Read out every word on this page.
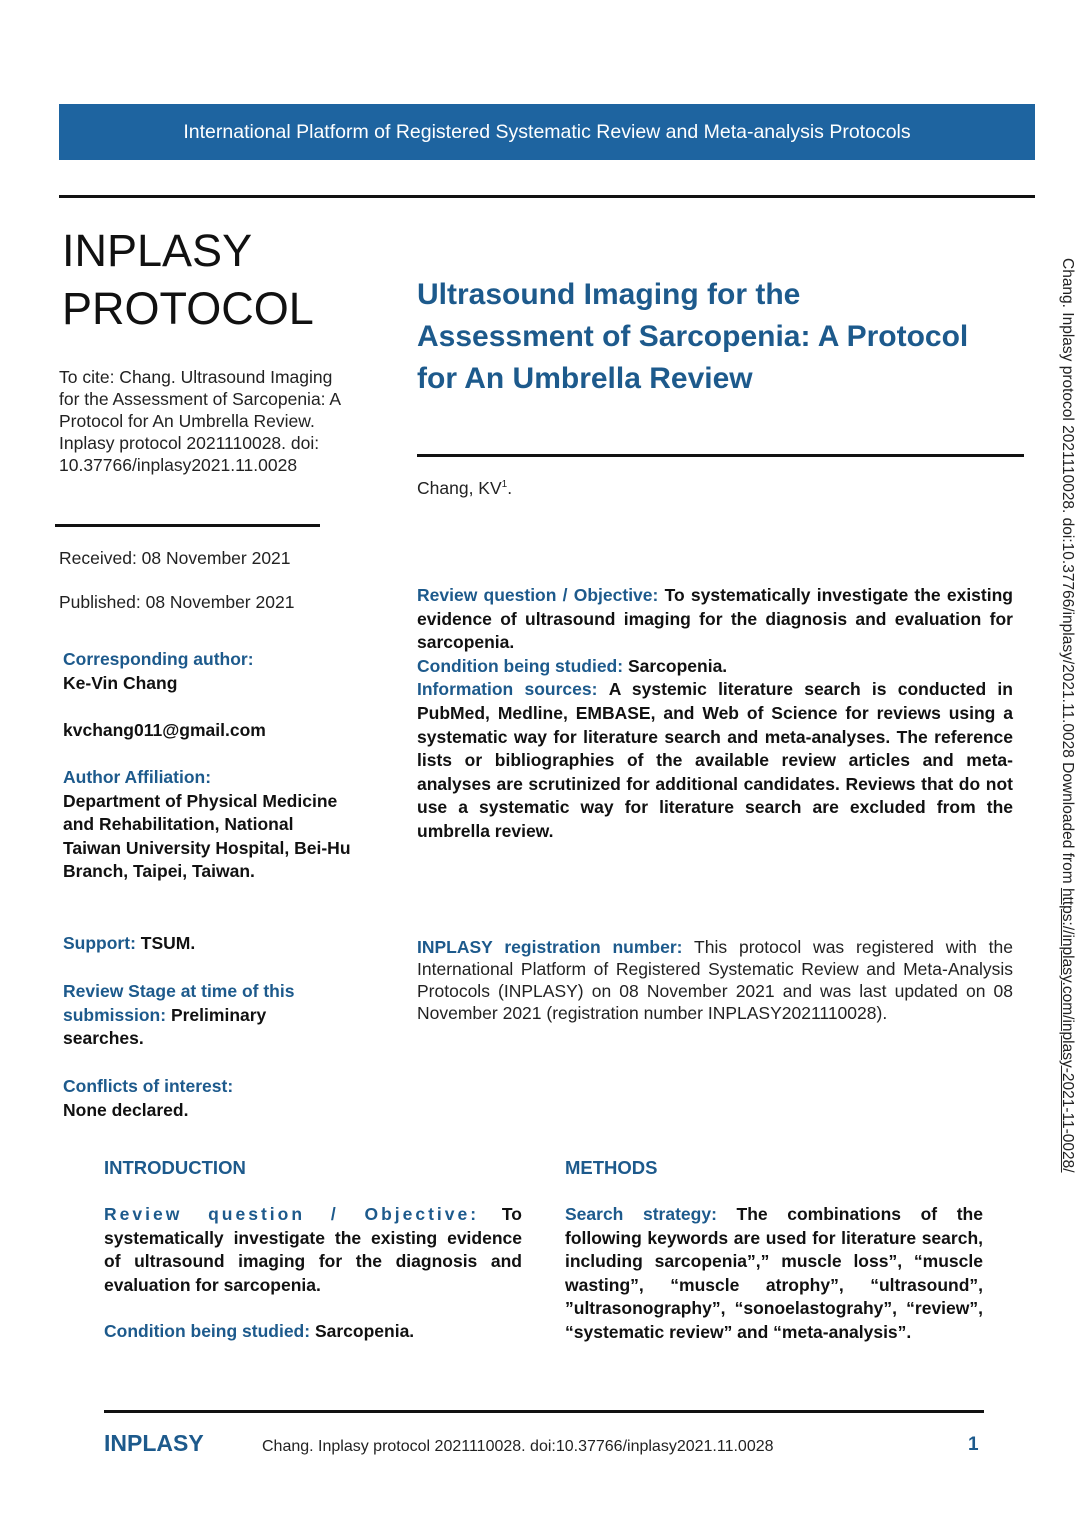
International Platform of Registered Systematic Review and Meta-analysis Protocols
INPLASY
PROTOCOL
To cite: Chang. Ultrasound Imaging for the Assessment of Sarcopenia: A Protocol for An Umbrella Review. Inplasy protocol 2021110028. doi: 10.37766/inplasy2021.11.0028
Received: 08 November 2021
Published: 08 November 2021
Corresponding author:
Ke-Vin Chang
kvchang011@gmail.com
Author Affiliation:
Department of Physical Medicine and Rehabilitation, National Taiwan University Hospital, Bei-Hu Branch, Taipei, Taiwan.
Support: TSUM.
Review Stage at time of this submission: Preliminary searches.
Conflicts of interest:
None declared.
Ultrasound Imaging for the Assessment of Sarcopenia: A Protocol for An Umbrella Review
Chang, $KV^1$.

Review question / Objective: To systematically investigate the existing evidence of ultrasound imaging for the diagnosis and evaluation for sarcopenia.

Condition being studied: Sarcopenia.

Information sources: A systemic literature search is conducted in PubMed, Medline, EMBASE, and Web of Science for reviews using a systematic way for literature search and meta-analyses. The reference lists or bibliographies of the available review articles and meta-analyses are scrutinized for additional candidates. Reviews that do not use a systematic way for literature search are excluded from the umbrella review.

INPLASY registration number: This protocol was registered with the International Platform of Registered Systematic Review and Meta-Analysis Protocols (INPLASY) on 08 November 2021 and was last updated on 08 November 2021 (registration number INPLASY2021110028).
INTRODUCTION	METHODS

Review question / Objective: To systematically investigate the existing evidence of ultrasound imaging for the diagnosis and evaluation for sarcopenia.

Condition being studied: Sarcopenia.

Search strategy: The combinations of the following keywords are used for literature search, including sarcopenia”,” muscle loss”, “muscle wasting”, “muscle atrophy”, “ultrasound”, ”ultrasonography”, “sonoelastograhy”, “review”, “systematic review” and “meta-analysis”.

INPLASY	Chang. Inplasy protocol 2021110028. doi:10.37766/inplasy2021.11.0028	1
Chang. Inplasy protocol 2021110028. doi:10.37766/inplasy/2021.11.0028 Downloaded from https://inplasy.com/inplasy-2021-11-0028/
